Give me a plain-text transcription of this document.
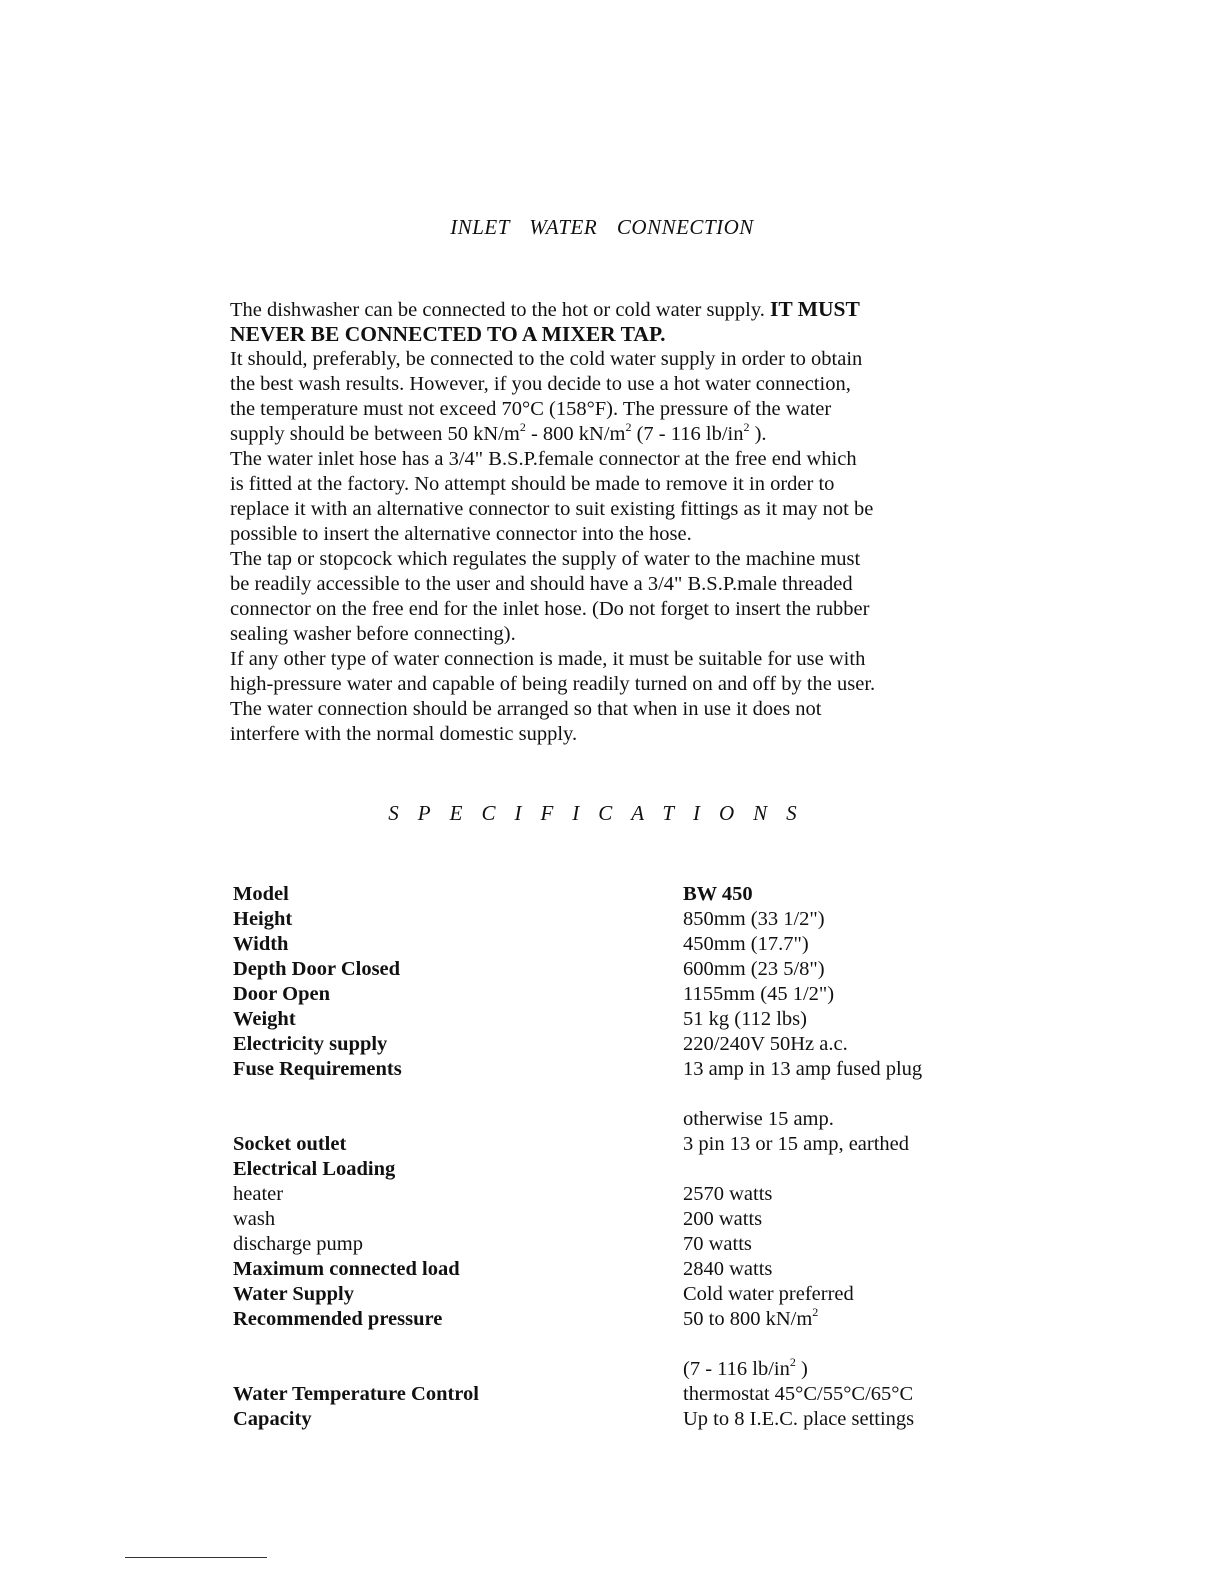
INLET WATER CONNECTION
The dishwasher can be connected to the hot or cold water supply. IT MUST
NEVER BE CONNECTED TO A MIXER TAP.
It should, preferably, be connected to the cold water supply in order to obtain
the best wash results. However, if you decide to use a hot water connection,
the temperature must not exceed 70°C (158°F). The pressure of the water
supply should be between 50 $kN/m^2 - 800$ $kN/m^2$ (7 - 116 $lb/in^2$ ).
The water inlet hose has a 3/4" B.S.P.female connector at the free end which
is fitted at the factory. No attempt should be made to remove it in order to
replace it with an alternative connector to suit existing fittings as it may not be
possible to insert the alternative connector into the hose.
The tap or stopcock which regulates the supply of water to the machine must
be readily accessible to the user and should have a 3/4" B.S.P.male threaded
connector on the free end for the inlet hose. (Do not forget to insert the rubber
sealing washer before connecting).
If any other type of water connection is made, it must be suitable for use with
high-pressure water and capable of being readily turned on and off by the user.
The water connection should be arranged so that when in use it does not
interfere with the normal domestic supply.
SPECIFICATIONS
Model	BW 450
Height	850mm (33 1/2")
Width	450mm (17.7")
Depth Door Closed	600mm (23 5/8")
Door Open	1155mm (45 1/2")
Weight	51 kg (112 lbs)
Electricity supply	220/240V 50Hz a.c.
Fuse Requirements	13 amp in 13 amp fused plug
otherwise 15 amp.
Socket outlet	3 pin 13 or 15 amp, earthed
Electrical Loading
heater	2570 watts
wash	200 watts
discharge pump	70 watts
Maximum connected load	2840 watts
Water Supply	Cold water preferred
Recommended pressure	50 to 800 $kN/m^2$
(7 - 116 $lb/in^2$ )
Water Temperature Control	thermostat 45°C/55°C/65°C
Capacity	Up to 8 I.E.C. place settings
